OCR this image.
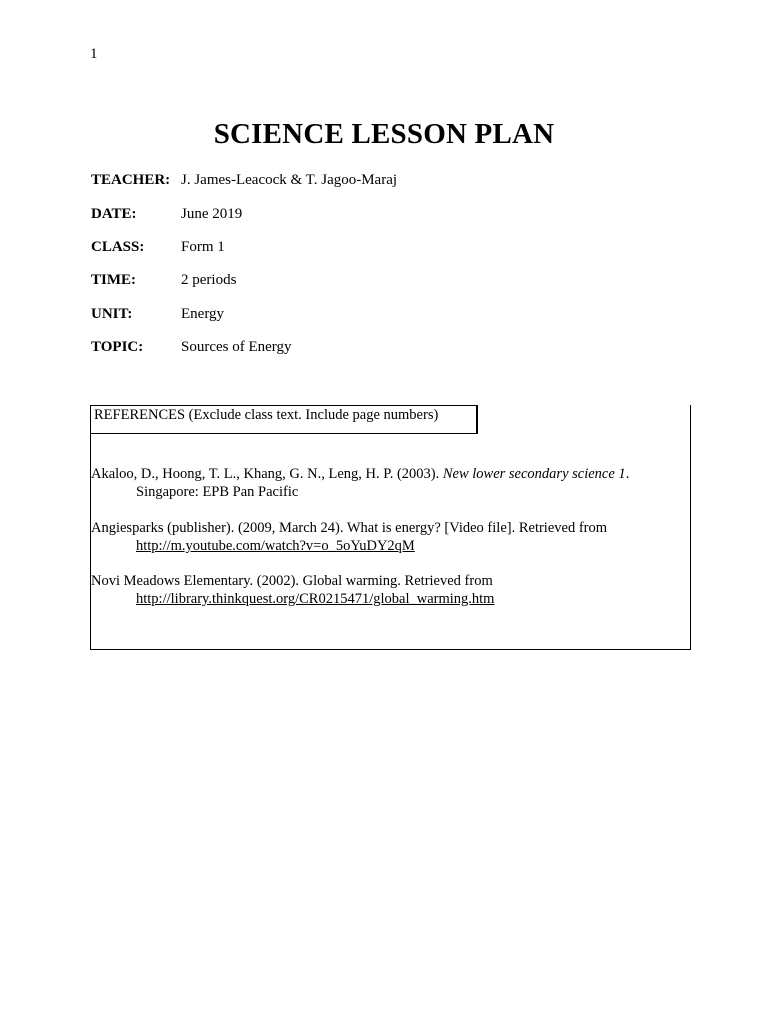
1
SCIENCE LESSON PLAN
TEACHER: J. James-Leacock & T. Jagoo-Maraj
DATE:	June 2019
CLASS: Form 1
TIME:	2 periods
UNIT:	Energy
TOPIC:	Sources of Energy
REFERENCES (Exclude class text. Include page numbers)
Akaloo, D., Hoong, T. L., Khang, G. N., Leng, H. P. (2003). New lower secondary science 1.
Singapore: EPB Pan Pacific
Angiesparks (publisher). (2009, March 24). What is energy? [Video file]. Retrieved from
http://m.youtube.com/watch?v=o_5oYuDY2qM
Novi Meadows Elementary. (2002). Global warming. Retrieved from
http://library.thinkquest.org/CR0215471/global_warming.htm
